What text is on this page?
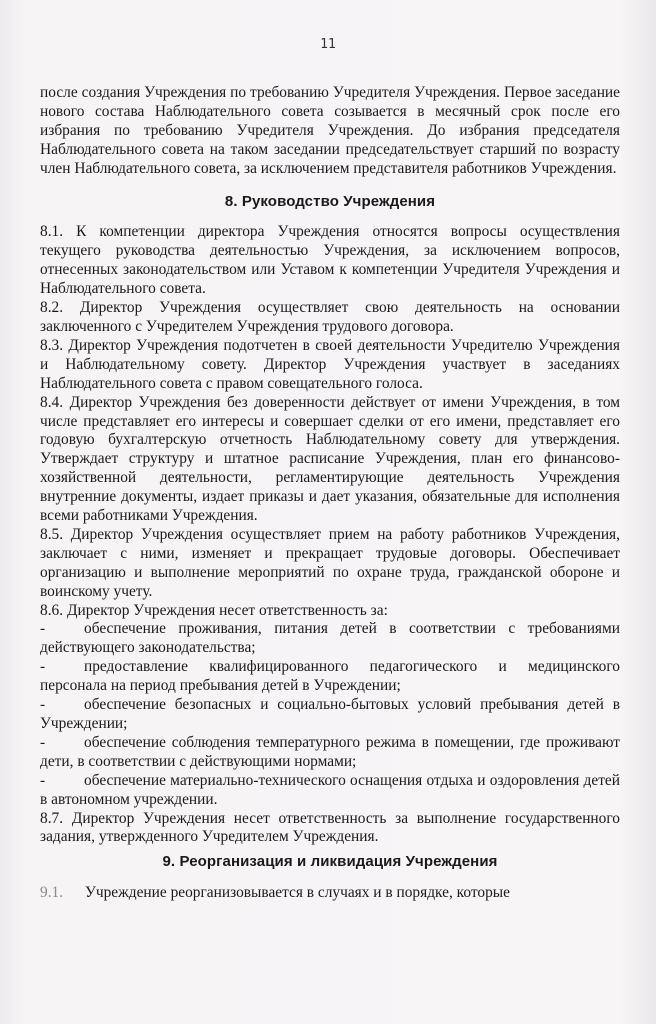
11

после создания Учреждения по требованию Учредителя Учреждения. Первое заседание нового состава Наблюдательного совета созывается в месячный срок после его избрания по требованию Учредителя Учреждения. До избрания председателя Наблюдательного совета на таком заседании председательствует старший по возрасту член Наблюдательного совета, за исключением представителя работников Учреждения.

8. Руководство Учреждения

8.1. К компетенции директора Учреждения относятся вопросы осуществления текущего руководства деятельностью Учреждения, за исключением вопросов, отнесенных законодательством или Уставом к компетенции Учредителя Учреждения и Наблюдательного совета.

8.2. Директор Учреждения осуществляет свою деятельность на основании заключенного с Учредителем Учреждения трудового договора.

8.3. Директор Учреждения подотчетен в своей деятельности Учредителю Учреждения и Наблюдательному совету. Директор Учреждения участвует в заседаниях Наблюдательного совета с правом совещательного голоса.

8.4. Директор Учреждения без доверенности действует от имени Учреждения, в том числе представляет его интересы и совершает сделки от его имени, представляет его годовую бухгалтерскую отчетность Наблюдательному совету для утверждения. Утверждает структуру и штатное расписание Учреждения, план его финансово-хозяйственной деятельности, регламентирующие деятельность Учреждения внутренние документы, издает приказы и дает указания, обязательные для исполнения всеми работниками Учреждения.

8.5. Директор Учреждения осуществляет прием на работу работников Учреждения, заключает с ними, изменяет и прекращает трудовые договоры. Обеспечивает организацию и выполнение мероприятий по охране труда, гражданской обороне и воинскому учету.

8.6. Директор Учреждения несет ответственность за:

-	обеспечение проживания, питания детей в соответствии с требованиями действующего законодательства;

-	предоставление квалифицированного педагогического и медицинского персонала на период пребывания детей в Учреждении;

-	обеспечение безопасных и социально-бытовых условий пребывания детей в Учреждении;

-	обеспечение соблюдения температурного режима в помещении, где проживают дети, в соответствии с действующими нормами;

-	обеспечение материально-технического оснащения отдыха и оздоровления детей в автономном учреждении.

8.7. Директор Учреждения несет ответственность за выполнение государственного задания, утвержденного Учредителем Учреждения.

9. Реорганизация и ликвидация Учреждения

9.1. Учреждение реорганизовывается в случаях и в порядке, которые
